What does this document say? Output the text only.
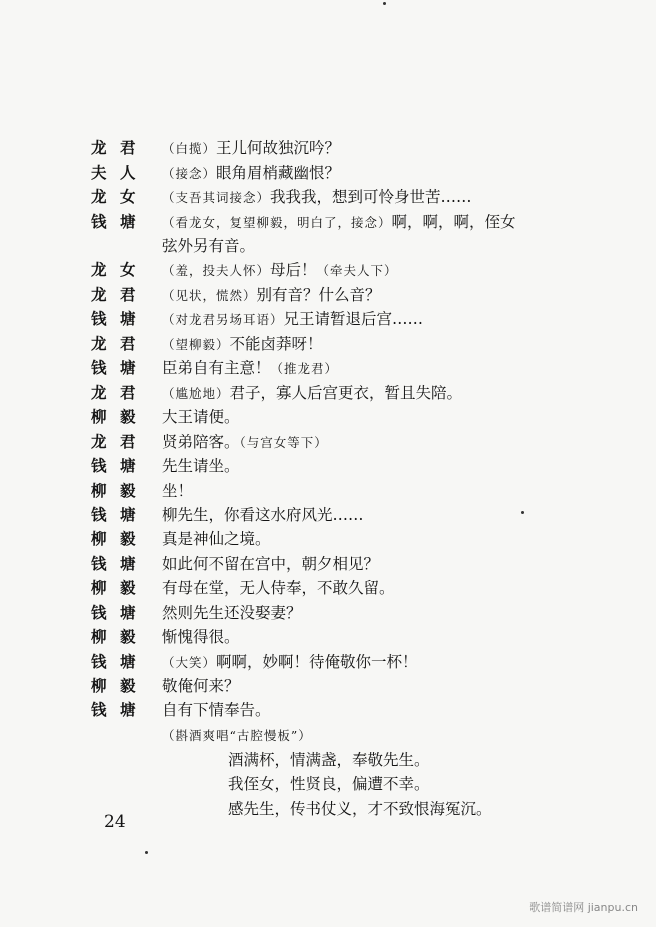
龙 君 （白揽）王儿何故独沉吟？
夫 人 （接念）眼角眉梢藏幽恨？
龙 女 （支吾其词接念）我我我，想到可怜身世苦……
钱 塘 （看龙女，复望柳毅，明白了，接念）啊，啊，啊，侄女
弦外另有音。
龙 女 （羞，投夫人怀）母后！（牵夫人下）
龙 君 （见状，慌然）别有音？什么音？
钱 塘 （对龙君另场耳语）兄王请暂退后宫……
龙 君 （望柳毅）不能卤莽呀！
钱 塘 臣弟自有主意！（推龙君）
龙 君 （尴尬地）君子，寡人后宫更衣，暂且失陪。
柳 毅 大王请便。
龙 君 贤弟陪客。（与宫女等下）
钱 塘 先生请坐。
柳 毅 坐！
钱 塘 柳先生，你看这水府风光……
柳 毅 真是神仙之境。
钱 塘 如此何不留在宫中，朝夕相见？
柳 毅 有母在堂，无人侍奉，不敢久留。
钱 塘 然则先生还没娶妻？
柳 毅 惭愧得很。
钱 塘 （大笑）啊啊，妙啊！待俺敬你一杯！
柳 毅 敬俺何来？
钱 塘 自有下情奉告。
（斟酒爽唱“古腔慢板”）
酒满杯，情满盏，奉敬先生。
我侄女，性贤良，偏遭不幸。
感先生，传书仗义，才不致恨海冤沉。
24
歌谱简谱网 jianpu.cn
